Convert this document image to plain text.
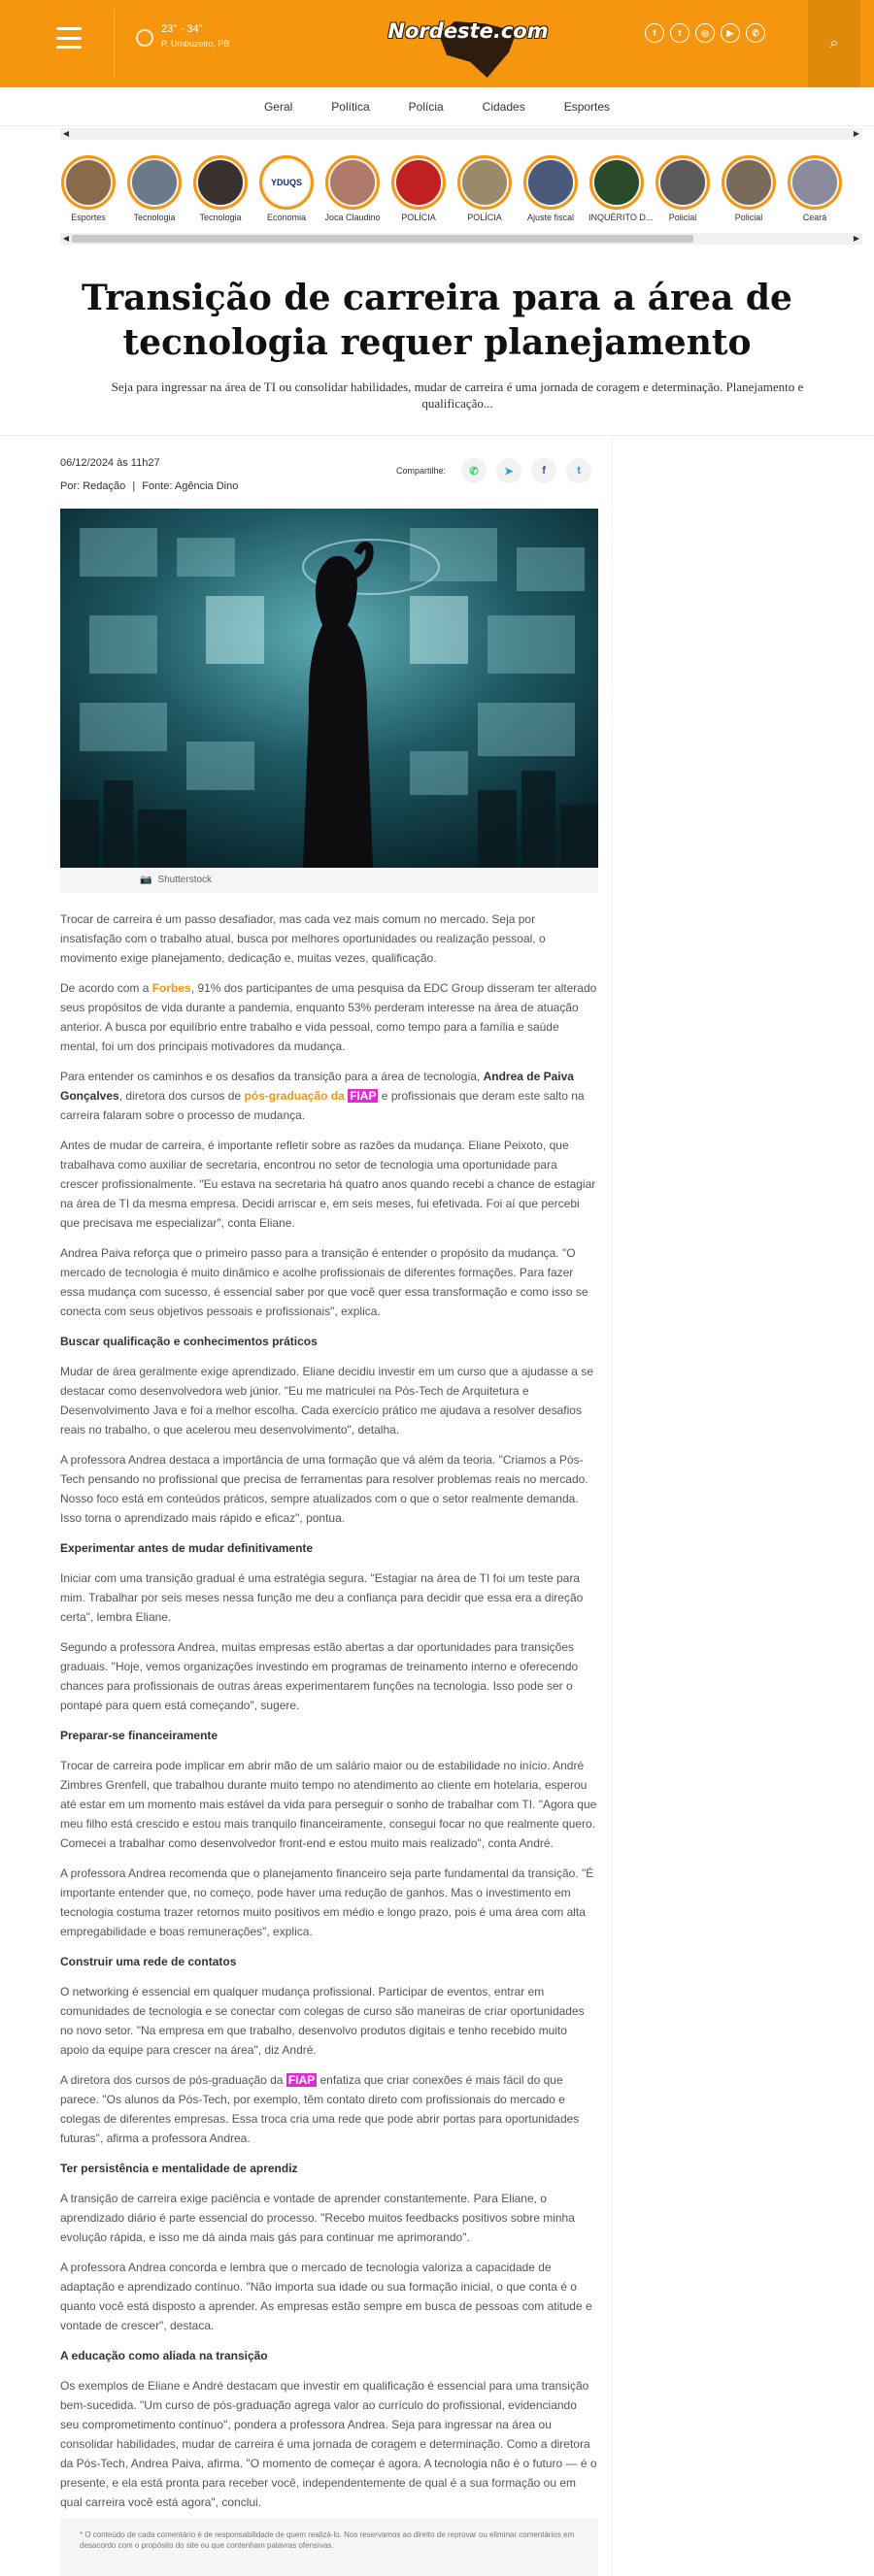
23° · 34°
P. Umbuzeiro, PB
Nordeste.com	f	t	◎	▶	✆
⌕
Geral	Política	Polícia	Cidades	Esportes
◀	▶
Esportes	Tecnologia	Tecnologia
YDUQS
Economia	Joca Claudino	POLÍCIA	POLÍCIA	Ajuste fiscal	INQUÉRITO D...	Policial	Policial	Ceará
◀	▶
Transição de carreira para a área de tecnologia requer planejamento

Seja para ingressar na área de TI ou consolidar habilidades, mudar de carreira é uma jornada de coragem e determinação. Planejamento e qualificação...

06/12/2024 às 11h27
Por: Redação | Fonte: Agência Dino
Compartilhe:	✆	➤	f	t
📷 Shutterstock

Trocar de carreira é um passo desafiador, mas cada vez mais comum no mercado. Seja por insatisfação com o trabalho atual, busca por melhores oportunidades ou realização pessoal, o movimento exige planejamento, dedicação e, muitas vezes, qualificação.

De acordo com a Forbes, 91% dos participantes de uma pesquisa da EDC Group disseram ter alterado seus propósitos de vida durante a pandemia, enquanto 53% perderam interesse na área de atuação anterior. A busca por equilíbrio entre trabalho e vida pessoal, como tempo para a família e saúde mental, foi um dos principais motivadores da mudança.

Para entender os caminhos e os desafios da transição para a área de tecnologia, Andrea de Paiva Gonçalves, diretora dos cursos de pós-graduação da FIAP e profissionais que deram este salto na carreira falaram sobre o processo de mudança.

Antes de mudar de carreira, é importante refletir sobre as razões da mudança. Eliane Peixoto, que trabalhava como auxiliar de secretaria, encontrou no setor de tecnologia uma oportunidade para crescer profissionalmente. "Eu estava na secretaria há quatro anos quando recebi a chance de estagiar na área de TI da mesma empresa. Decidi arriscar e, em seis meses, fui efetivada. Foi aí que percebi que precisava me especializar", conta Eliane.

Andrea Paiva reforça que o primeiro passo para a transição é entender o propósito da mudança. "O mercado de tecnologia é muito dinâmico e acolhe profissionais de diferentes formações. Para fazer essa mudança com sucesso, é essencial saber por que você quer essa transformação e como isso se conecta com seus objetivos pessoais e profissionais", explica.

Buscar qualificação e conhecimentos práticos

Mudar de área geralmente exige aprendizado. Eliane decidiu investir em um curso que a ajudasse a se destacar como desenvolvedora web júnior. "Eu me matriculei na Pós-Tech de Arquitetura e Desenvolvimento Java e foi a melhor escolha. Cada exercício prático me ajudava a resolver desafios reais no trabalho, o que acelerou meu desenvolvimento", detalha.

A professora Andrea destaca a importância de uma formação que vá além da teoria. "Criamos a Pós-Tech pensando no profissional que precisa de ferramentas para resolver problemas reais no mercado. Nosso foco está em conteúdos práticos, sempre atualizados com o que o setor realmente demanda. Isso torna o aprendizado mais rápido e eficaz", pontua.

Experimentar antes de mudar definitivamente

Iniciar com uma transição gradual é uma estratégia segura. "Estagiar na área de TI foi um teste para mim. Trabalhar por seis meses nessa função me deu a confiança para decidir que essa era a direção certa", lembra Eliane.

Segundo a professora Andrea, muitas empresas estão abertas a dar oportunidades para transições graduais. "Hoje, vemos organizações investindo em programas de treinamento interno e oferecendo chances para profissionais de outras áreas experimentarem funções na tecnologia. Isso pode ser o pontapé para quem está começando", sugere.

Preparar-se financeiramente

Trocar de carreira pode implicar em abrir mão de um salário maior ou de estabilidade no início. André Zimbres Grenfell, que trabalhou durante muito tempo no atendimento ao cliente em hotelaria, esperou até estar em um momento mais estável da vida para perseguir o sonho de trabalhar com TI. "Agora que meu filho está crescido e estou mais tranquilo financeiramente, consegui focar no que realmente quero. Comecei a trabalhar como desenvolvedor front-end e estou muito mais realizado", conta André.

A professora Andrea recomenda que o planejamento financeiro seja parte fundamental da transição. "É importante entender que, no começo, pode haver uma redução de ganhos. Mas o investimento em tecnologia costuma trazer retornos muito positivos em médio e longo prazo, pois é uma área com alta empregabilidade e boas remunerações", explica.

Construir uma rede de contatos

O networking é essencial em qualquer mudança profissional. Participar de eventos, entrar em comunidades de tecnologia e se conectar com colegas de curso são maneiras de criar oportunidades no novo setor. "Na empresa em que trabalho, desenvolvo produtos digitais e tenho recebido muito apoio da equipe para crescer na área", diz André.

A diretora dos cursos de pós-graduação da FIAP enfatiza que criar conexões é mais fácil do que parece. "Os alunos da Pós-Tech, por exemplo, têm contato direto com profissionais do mercado e colegas de diferentes empresas. Essa troca cria uma rede que pode abrir portas para oportunidades futuras", afirma a professora Andrea.

Ter persistência e mentalidade de aprendiz

A transição de carreira exige paciência e vontade de aprender constantemente. Para Eliane, o aprendizado diário é parte essencial do processo. "Recebo muitos feedbacks positivos sobre minha evolução rápida, e isso me dá ainda mais gás para continuar me aprimorando".

A professora Andrea concorda e lembra que o mercado de tecnologia valoriza a capacidade de adaptação e aprendizado contínuo. "Não importa sua idade ou sua formação inicial, o que conta é o quanto você está disposto a aprender. As empresas estão sempre em busca de pessoas com atitude e vontade de crescer", destaca.

A educação como aliada na transição

Os exemplos de Eliane e André destacam que investir em qualificação é essencial para uma transição bem-sucedida. "Um curso de pós-graduação agrega valor ao currículo do profissional, evidenciando seu comprometimento contínuo", pondera a professora Andrea. Seja para ingressar na área ou consolidar habilidades, mudar de carreira é uma jornada de coragem e determinação. Como a diretora da Pós-Tech, Andrea Paiva, afirma. "O momento de começar é agora. A tecnologia não é o futuro — é o presente, e ela está pronta para receber você, independentemente de qual é a sua formação ou em qual carreira você está agora", conclui.

* O conteúdo de cada comentário é de responsabilidade de quem realizá-lo. Nos reservamos ao direito de reprovar ou eliminar comentários em desacordo com o propósito do site ou que contenham palavras ofensivas.
